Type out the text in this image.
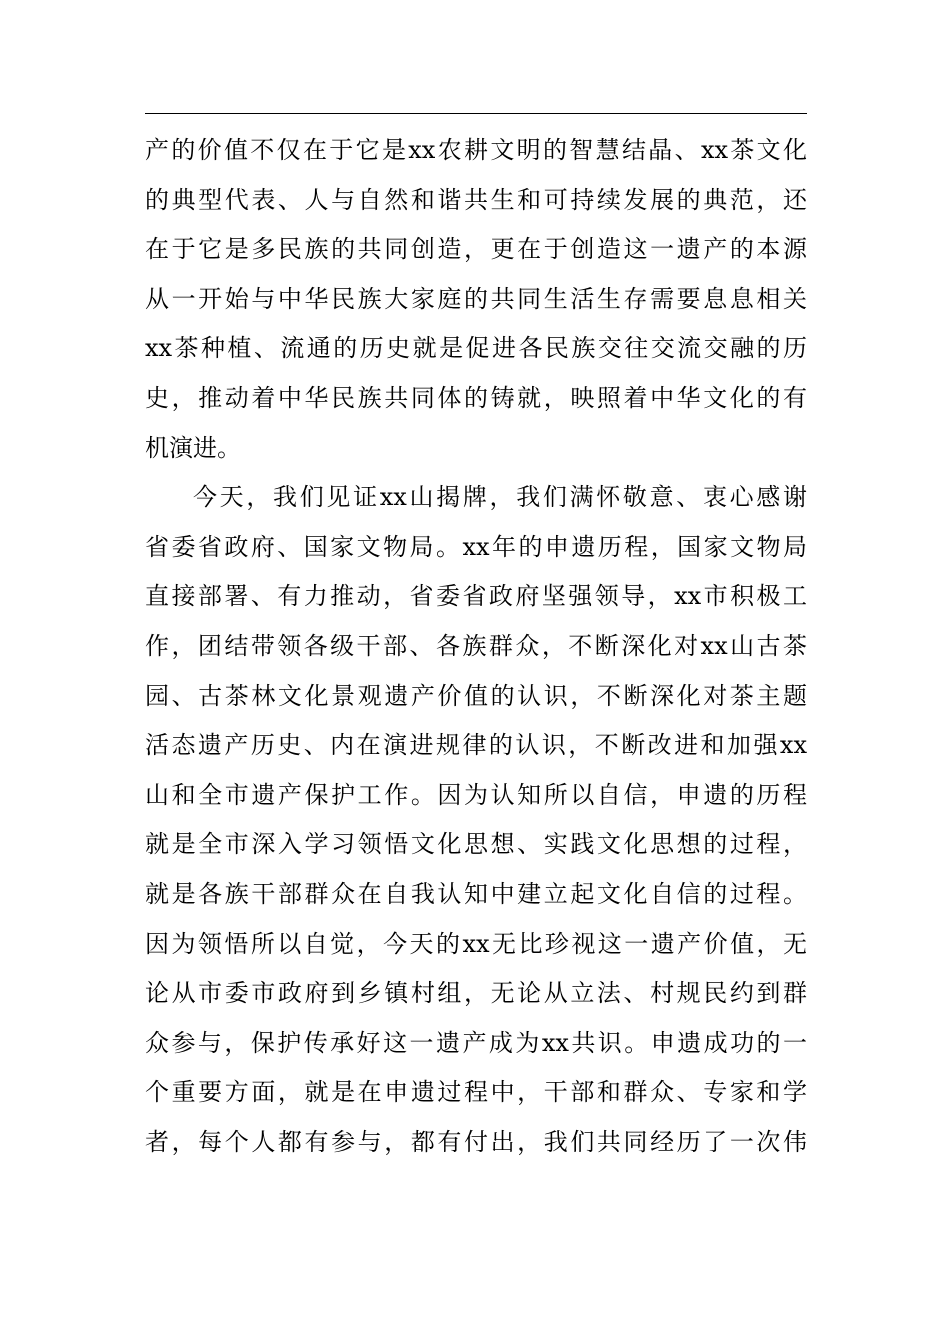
产的价值不仅在于它是xx农耕文明的智慧结晶、xx茶文化
的典型代表、人与自然和谐共生和可持续发展的典范，还
在于它是多民族的共同创造，更在于创造这一遗产的本源
从一开始与中华民族大家庭的共同生活生存需要息息相关
xx茶种植、流通的历史就是促进各民族交往交流交融的历
史，推动着中华民族共同体的铸就，映照着中华文化的有
机演进。
今天，我们见证xx山揭牌，我们满怀敬意、衷心感谢
省委省政府、国家文物局。xx年的申遗历程，国家文物局
直接部署、有力推动，省委省政府坚强领导，xx市积极工
作，团结带领各级干部、各族群众，不断深化对xx山古茶
园、古茶林文化景观遗产价值的认识，不断深化对茶主题
活态遗产历史、内在演进规律的认识，不断改进和加强xx
山和全市遗产保护工作。因为认知所以自信，申遗的历程
就是全市深入学习领悟文化思想、实践文化思想的过程，
就是各族干部群众在自我认知中建立起文化自信的过程。
因为领悟所以自觉，今天的xx无比珍视这一遗产价值，无
论从市委市政府到乡镇村组，无论从立法、村规民约到群
众参与，保护传承好这一遗产成为xx共识。申遗成功的一
个重要方面，就是在申遗过程中，干部和群众、专家和学
者，每个人都有参与，都有付出，我们共同经历了一次伟
